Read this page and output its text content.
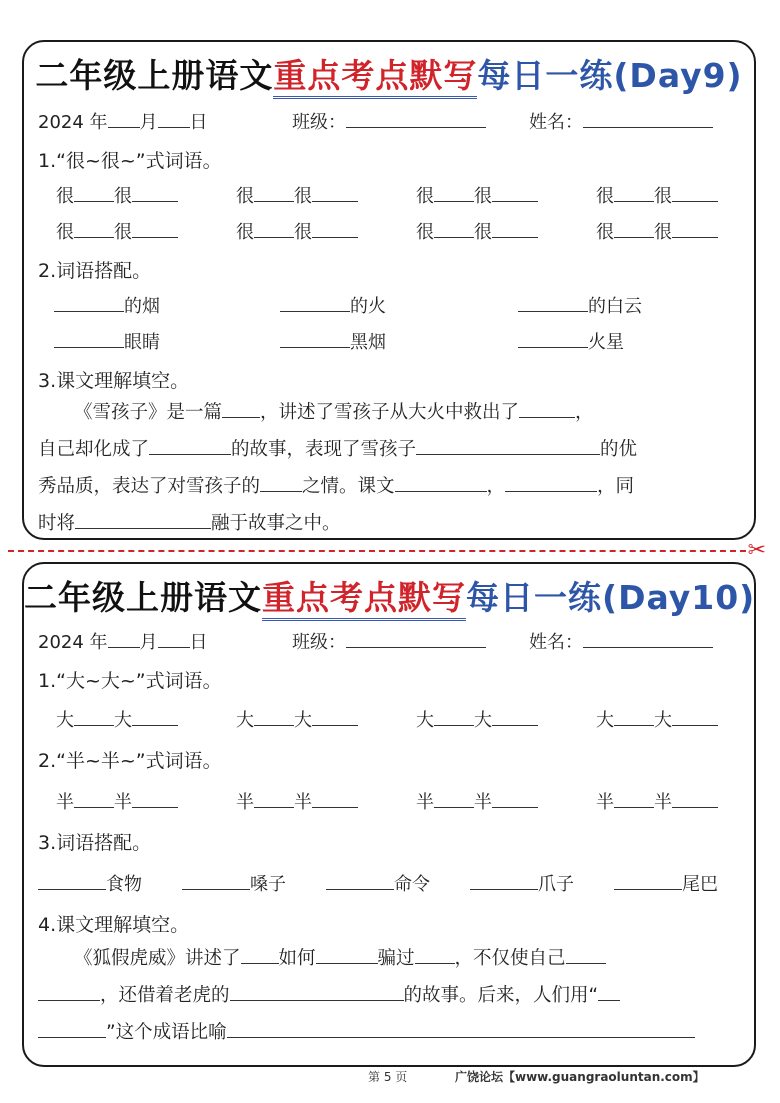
二年级上册语文重点考点默写每日一练(Day9)
2024 年 月 日	班级：	姓名：
1.“很~很~”式词语。
很 很	很 很	很 很	很 很
很 很	很 很	很 很	很 很
2.词语搭配。
的烟	的火	的白云
眼睛	黑烟	火星
3.课文理解填空。
《雪孩子》是一篇 ，讲述了雪孩子从大火中救出了	，
自己却化成了	的故事，表现了雪孩子	的优
秀品质，表达了对雪孩子的 之情。课文	，	，同
时将	融于故事之中。
✂
二年级上册语文重点考点默写每日一练(Day10)
2024 年 月 日	班级：	姓名：
1.“大~大~”式词语。
大 大	大 大	大 大	大 大
2.“半~半~”式词语。
半 半	半 半	半 半	半 半
3.词语搭配。
食物	嗓子	命令	爪子	尾巴
4.课文理解填空。
《狐假虎威》讲述了 如何	骗过 ，不仅使自己
，还借着老虎的	的故事。后来，人们用“
”这个成语比喻
第 5 页	广饶论坛【www.guangraoluntan.com】
